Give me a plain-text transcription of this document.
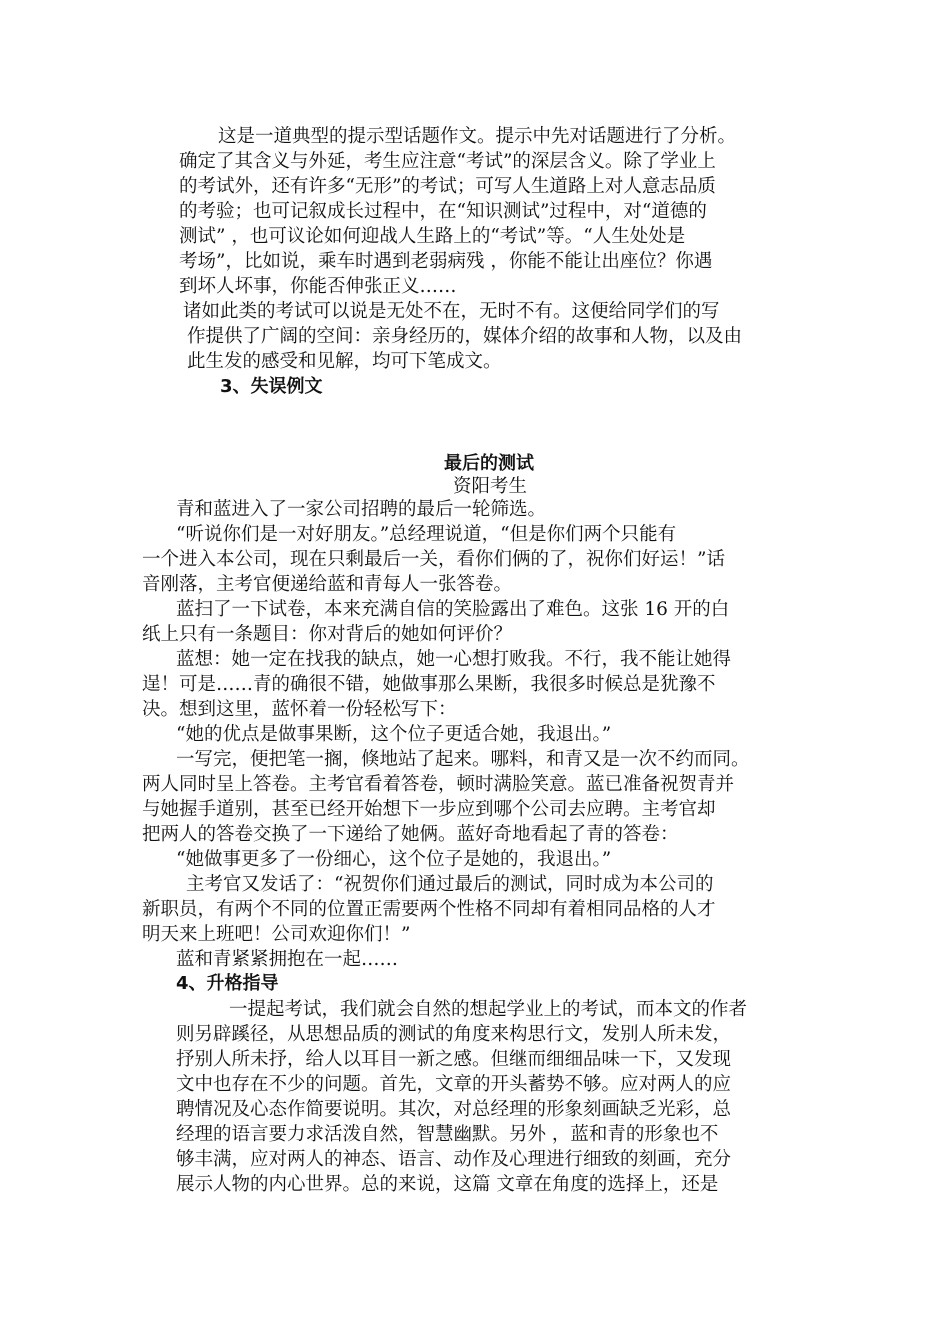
这是一道典型的提示型话题作文。提示中先对话题进行了分析。
确定了其含义与外延，考生应注意“考试”的深层含义。除了学业上
的考试外，还有许多“无形”的考试；可写人生道路上对人意志品质
的考验；也可记叙成长过程中，在“知识测试”过程中，对“道德的
测试” ，也可议论如何迎战人生路上的“考试”等。“人生处处是
考场”，比如说，乘车时遇到老弱病残 ，你能不能让出座位？你遇
到坏人坏事，你能否伸张正义……
诸如此类的考试可以说是无处不在，无时不有。这便给同学们的写
作提供了广阔的空间：亲身经历的，媒体介绍的故事和人物，以及由
此生发的感受和见解，均可下笔成文。
3、失误例文
最后的测试
资阳考生
青和蓝进入了一家公司招聘的最后一轮筛选。
“听说你们是一对好朋友。”总经理说道，“但是你们两个只能有
一个进入本公司，现在只剩最后一关，看你们俩的了，祝你们好运！”话
音刚落，主考官便递给蓝和青每人一张答卷。
蓝扫了一下试卷，本来充满自信的笑脸露出了难色。这张 16 开的白
纸上只有一条题目：你对背后的她如何评价？
蓝想：她一定在找我的缺点，她一心想打败我。不行，我不能让她得
逞！可是……青的确很不错，她做事那么果断，我很多时候总是犹豫不
决。想到这里，蓝怀着一份轻松写下：
“她的优点是做事果断，这个位子更适合她，我退出。”
一写完，便把笔一搁，倏地站了起来。哪料，和青又是一次不约而同。
两人同时呈上答卷。主考官看着答卷，顿时满脸笑意。蓝已准备祝贺青并
与她握手道别，甚至已经开始想下一步应到哪个公司去应聘。主考官却
把两人的答卷交换了一下递给了她俩。蓝好奇地看起了青的答卷：
“她做事更多了一份细心，这个位子是她的，我退出。”
主考官又发话了：“祝贺你们通过最后的测试，同时成为本公司的
新职员，有两个不同的位置正需要两个性格不同却有着相同品格的人才
明天来上班吧！公司欢迎你们！”
蓝和青紧紧拥抱在一起……
4、升格指导
一提起考试，我们就会自然的想起学业上的考试，而本文的作者
则另辟蹊径，从思想品质的测试的角度来构思行文，发别人所未发，
抒别人所未抒，给人以耳目一新之感。但继而细细品味一下，又发现
文中也存在不少的问题。首先，文章的开头蓄势不够。应对两人的应
聘情况及心态作简要说明。其次，对总经理的形象刻画缺乏光彩，总
经理的语言要力求活泼自然，智慧幽默。另外 ，蓝和青的形象也不
够丰满，应对两人的神态、语言、动作及心理进行细致的刻画，充分
展示人物的内心世界。总的来说，这篇 文章在角度的选择上，还是
